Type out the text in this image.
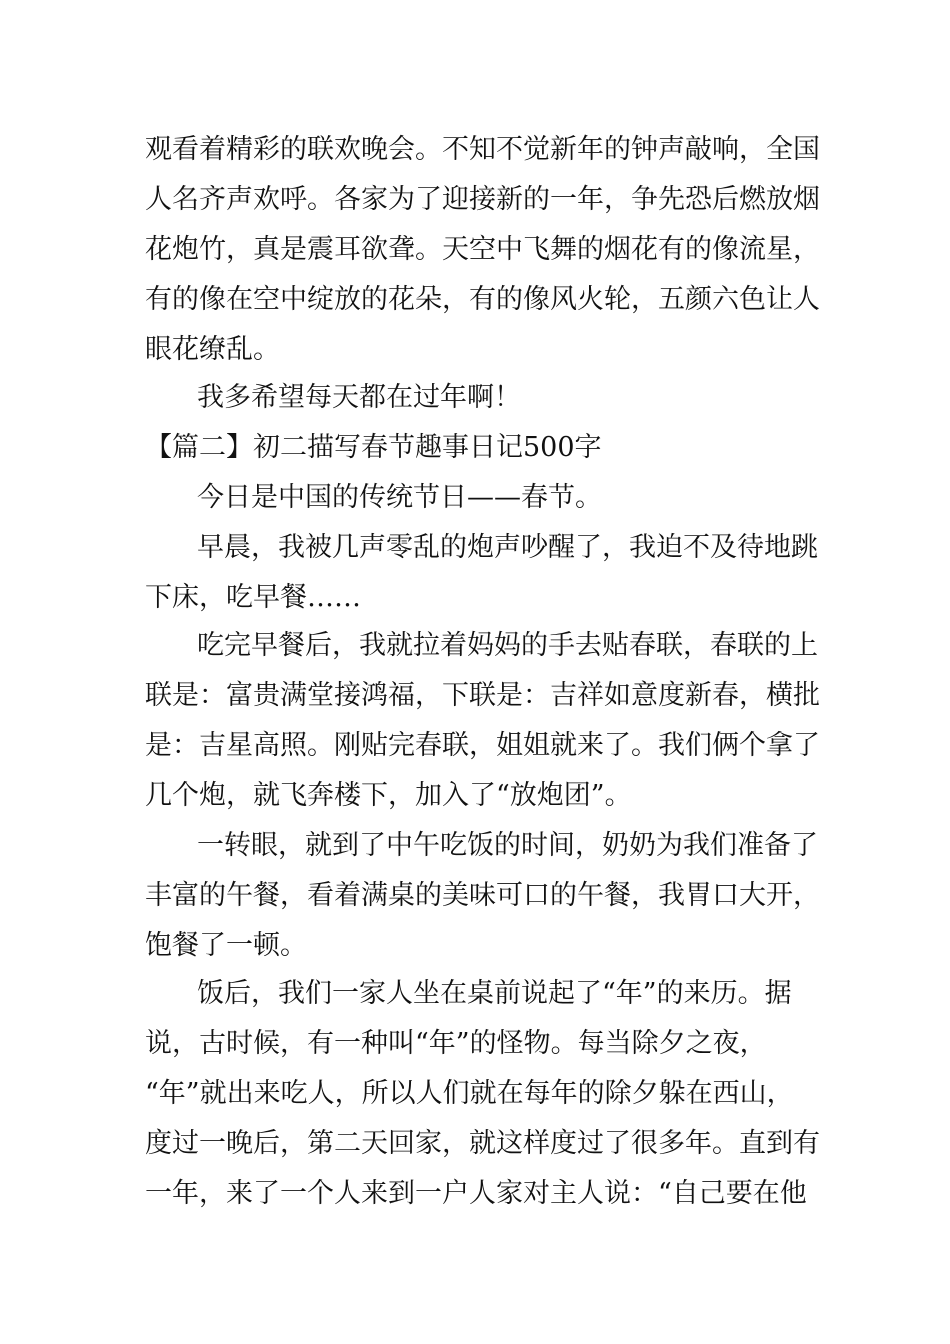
观看着精彩的联欢晚会。不知不觉新年的钟声敲响，全国

人名齐声欢呼。各家为了迎接新的一年，争先恐后燃放烟

花炮竹，真是震耳欲聋。天空中飞舞的烟花有的像流星，

有的像在空中绽放的花朵，有的像风火轮，五颜六色让人

眼花缭乱。

我多希望每天都在过年啊！

【篇二】初二描写春节趣事日记500字

今日是中国的传统节日——春节。

早晨，我被几声零乱的炮声吵醒了，我迫不及待地跳

下床，吃早餐……

吃完早餐后，我就拉着妈妈的手去贴春联，春联的上

联是：富贵满堂接鸿福，下联是：吉祥如意度新春，横批

是：吉星高照。刚贴完春联，姐姐就来了。我们俩个拿了

几个炮，就飞奔楼下，加入了“放炮团”。

一转眼，就到了中午吃饭的时间，奶奶为我们准备了

丰富的午餐，看着满桌的美味可口的午餐，我胃口大开，

饱餐了一顿。

饭后，我们一家人坐在桌前说起了“年”的来历。据

说，古时候，有一种叫“年”的怪物。每当除夕之夜，

“年”就出来吃人，所以人们就在每年的除夕躲在西山，

度过一晚后，第二天回家，就这样度过了很多年。直到有

一年，来了一个人来到一户人家对主人说：“自己要在他
